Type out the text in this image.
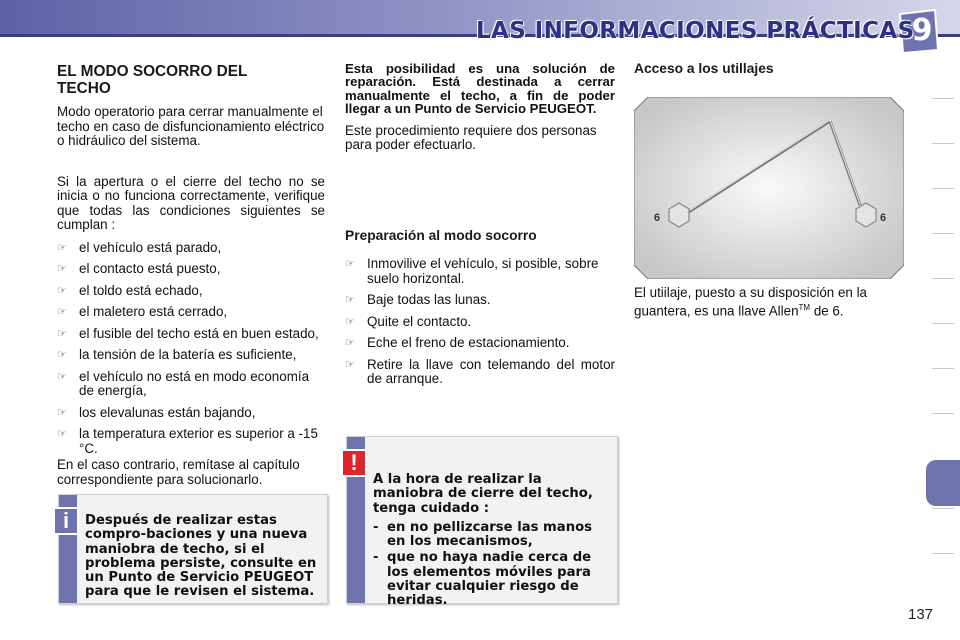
LAS INFORMACIONES PRÁCTICAS
9
EL MODO SOCORRO DEL TECHO

Modo operatorio para cerrar manualmente el techo en caso de disfuncionamiento eléctrico o hidráulico del sistema.

Si la apertura o el cierre del techo no se inicia o no funciona correctamente, verifique que todas las condiciones siguientes se cumplan :

☞ el vehículo está parado,
☞ el contacto está puesto,
☞ el toldo está echado,
☞ el maletero está cerrado,
☞ el fusible del techo está en buen estado,
☞ la tensión de la batería es suficiente,
☞ el vehículo no está en modo economía de energía,
☞ los elevalunas están bajando,
☞ la temperatura exterior es superior a -15 °C.

En el caso contrario, remítase al capítulo correspondiente para solucionarlo.

i	Después de realizar estas compro-baciones y una nueva maniobra de techo, si el problema persiste, consulte en un Punto de Servicio PEUGEOT para que le revisen el sistema.

Esta posibilidad es una solución de reparación. Está destinada a cerrar manualmente el techo, a fin de poder llegar a un Punto de Servicio PEUGEOT.

Este procedimiento requiere dos personas para poder efectuarlo.

Preparación al modo socorro
☞ Inmovilive el vehículo, si posible, sobre suelo horizontal.
☞ Baje todas las lunas.
☞ Quite el contacto.
☞ Eche el freno de estacionamiento.
☞ Retire la llave con telemando del motor de arranque.
!
A la hora de realizar la maniobra de cierre del techo, tenga cuidado :
- en no pellizcarse las manos en los mecanismos,
- que no haya nadie cerca de los elementos móviles para evitar cualquier riesgo de heridas.
Acceso a los utillajes
6	6

El utiilaje, puesto a su disposición en la guantera, es una llave Allen™ de 6.

137
